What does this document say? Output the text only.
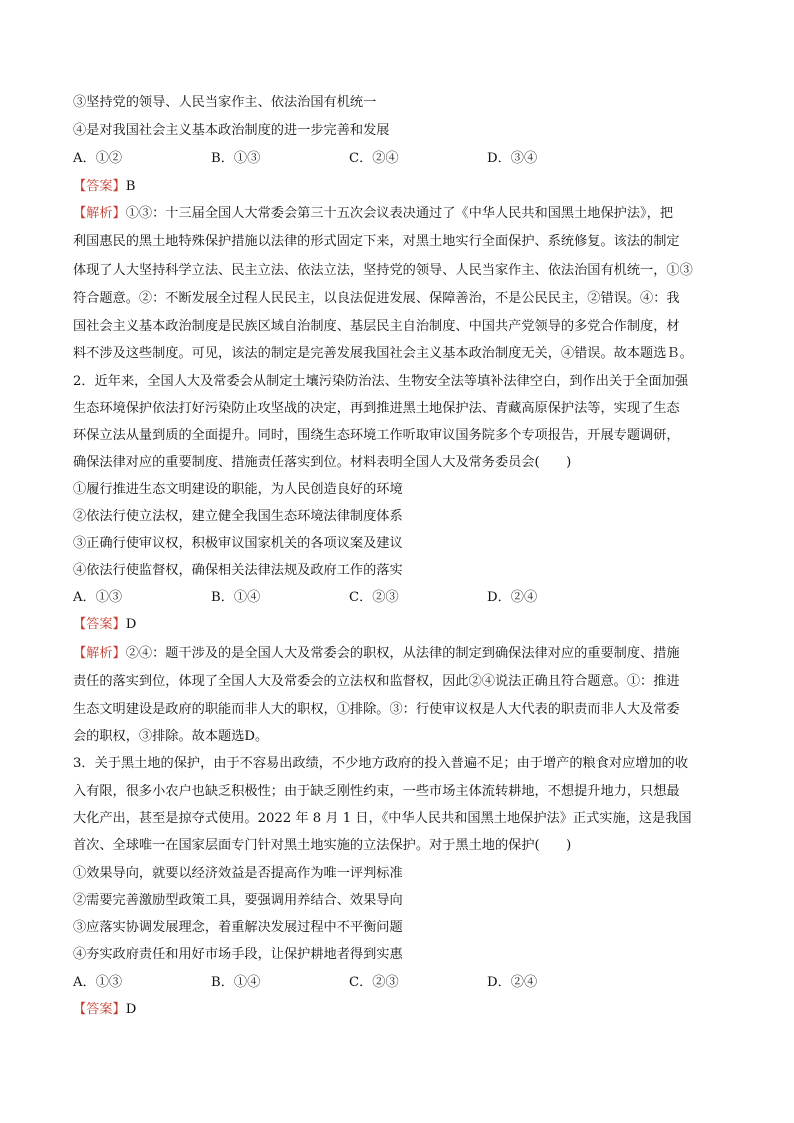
③坚持党的领导、人民当家作主、依法治国有机统一
④是对我国社会主义基本政治制度的进一步完善和发展
A．①②	B．①③	C．②④	D．③④
【答案】B
【解析】①③：十三届全国人大常委会第三十五次会议表决通过了《中华人民共和国黑土地保护法》，把
利国惠民的黑土地特殊保护措施以法律的形式固定下来，对黑土地实行全面保护、系统修复。该法的制定
体现了人大坚持科学立法、民主立法、依法立法，坚持党的领导、人民当家作主、依法治国有机统一，①③
符合题意。②：不断发展全过程人民民主，以良法促进发展、保障善治，不是公民民主，②错误。④：我
国社会主义基本政治制度是民族区域自治制度、基层民主自治制度、中国共产党领导的多党合作制度，材
料不涉及这些制度。可见，该法的制定是完善发展我国社会主义基本政治制度无关，④错误。故本题选Ｂ。
2．近年来，全国人大及常委会从制定土壤污染防治法、生物安全法等填补法律空白，到作出关于全面加强
生态环境保护依法打好污染防止攻坚战的决定，再到推进黑土地保护法、青藏高原保护法等，实现了生态
环保立法从量到质的全面提升。同时，围绕生态环境工作听取审议国务院多个专项报告，开展专题调研，
确保法律对应的重要制度、措施责任落实到位。材料表明全国人大及常务委员会(　　)
①履行推进生态文明建设的职能，为人民创造良好的环境
②依法行使立法权，建立健全我国生态环境法律制度体系
③正确行使审议权，积极审议国家机关的各项议案及建议
④依法行使监督权，确保相关法律法规及政府工作的落实
A．①③	B．①④	C．②③	D．②④
【答案】D
【解析】②④：题干涉及的是全国人大及常委会的职权，从法律的制定到确保法律对应的重要制度、措施
责任的落实到位，体现了全国人大及常委会的立法权和监督权，因此②④说法正确且符合题意。①：推进
生态文明建设是政府的职能而非人大的职权，①排除。③：行使审议权是人大代表的职责而非人大及常委
会的职权，③排除。故本题选D。
3．关于黑土地的保护，由于不容易出政绩，不少地方政府的投入普遍不足；由于增产的粮食对应增加的收
入有限，很多小农户也缺乏积极性；由于缺乏刚性约束，一些市场主体流转耕地，不想提升地力，只想最
大化产出，甚至是掠夺式使用。2022 年 8 月 1 日，《中华人民共和国黑土地保护法》正式实施，这是我国
首次、全球唯一在国家层面专门针对黑土地实施的立法保护。对于黑土地的保护(　　)
①效果导向，就要以经济效益是否提高作为唯一评判标准
②需要完善激励型政策工具，要强调用养结合、效果导向
③应落实协调发展理念，着重解决发展过程中不平衡问题
④夯实政府责任和用好市场手段，让保护耕地者得到实惠
A．①③	B．①④	C．②③	D．②④
【答案】D
